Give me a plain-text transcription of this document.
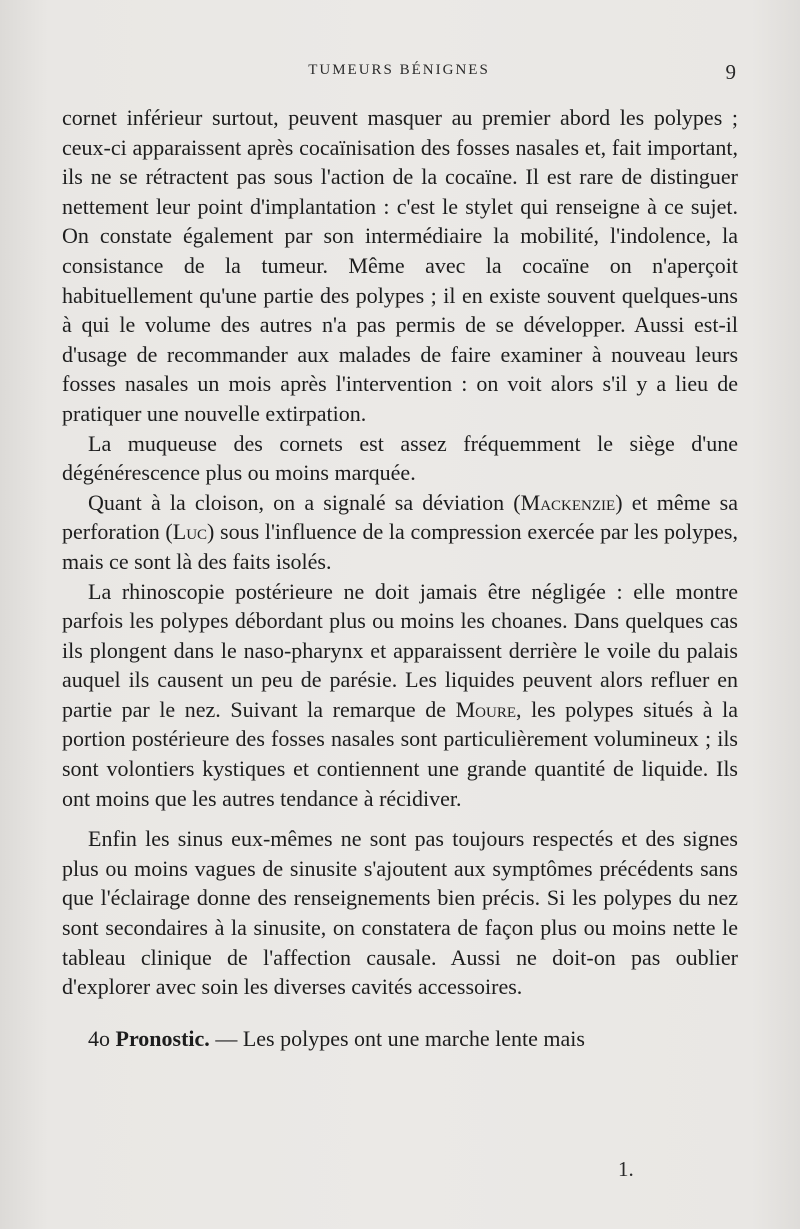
TUMEURS BÉNIGNES	9

cornet inférieur surtout, peuvent masquer au premier abord les polypes ; ceux-ci apparaissent après cocaïnisation des fosses nasales et, fait important, ils ne se rétractent pas sous l'action de la cocaïne. Il est rare de distinguer nettement leur point d'implantation : c'est le stylet qui renseigne à ce sujet. On constate également par son intermédiaire la mobilité, l'indolence, la consistance de la tumeur. Même avec la cocaïne on n'aperçoit habituellement qu'une partie des polypes ; il en existe souvent quelques-uns à qui le volume des autres n'a pas permis de se développer. Aussi est-il d'usage de recommander aux malades de faire examiner à nouveau leurs fosses nasales un mois après l'intervention : on voit alors s'il y a lieu de pratiquer une nouvelle extirpation.

La muqueuse des cornets est assez fréquemment le siège d'une dégénérescence plus ou moins marquée.

Quant à la cloison, on a signalé sa déviation (Mackenzie) et même sa perforation (Luc) sous l'influence de la compression exercée par les polypes, mais ce sont là des faits isolés.

La rhinoscopie postérieure ne doit jamais être négligée : elle montre parfois les polypes débordant plus ou moins les choanes. Dans quelques cas ils plongent dans le naso-pharynx et apparaissent derrière le voile du palais auquel ils causent un peu de parésie. Les liquides peuvent alors refluer en partie par le nez. Suivant la remarque de Moure, les polypes situés à la portion postérieure des fosses nasales sont particulièrement volumineux ; ils sont volontiers kystiques et contiennent une grande quantité de liquide. Ils ont moins que les autres tendance à récidiver.

Enfin les sinus eux-mêmes ne sont pas toujours respectés et des signes plus ou moins vagues de sinusite s'ajoutent aux symptômes précédents sans que l'éclairage donne des renseignements bien précis. Si les polypes du nez sont secondaires à la sinusite, on constatera de façon plus ou moins nette le tableau clinique de l'affection causale. Aussi ne doit-on pas oublier d'explorer avec soin les diverses cavités accessoires.

4o Pronostic. — Les polypes ont une marche lente mais

1.
